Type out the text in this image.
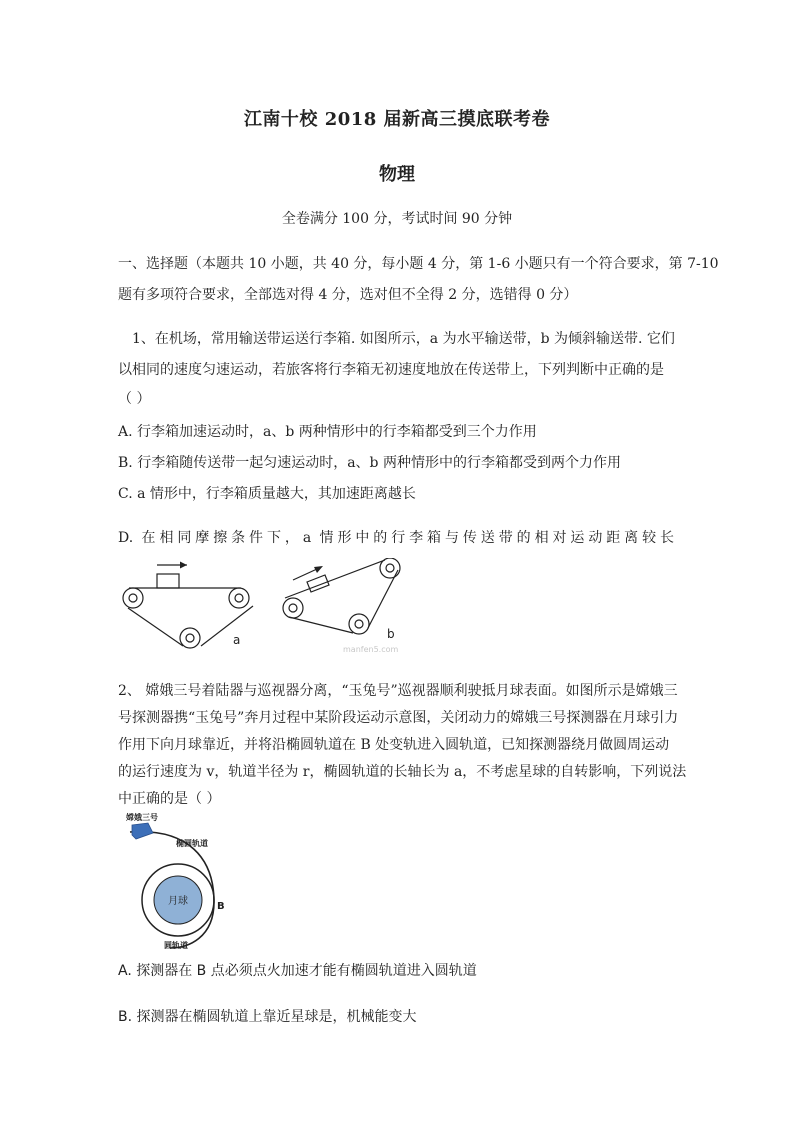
江南十校 2018 届新高三摸底联考卷
物理
全卷满分 100 分，考试时间 90 分钟
一、选择题（本题共 10 小题，共 40 分，每小题 4 分，第 1-6 小题只有一个符合要求，第 7-10
题有多项符合要求，全部选对得 4 分，选对但不全得 2 分，选错得 0 分）
1、在机场，常用输送带运送行李箱. 如图所示，a 为水平输送带，b 为倾斜输送带. 它们
以相同的速度匀速运动，若旅客将行李箱无初速度地放在传送带上，下列判断中正确的是
（ ）
A. 行李箱加速运动时，a、b 两种情形中的行李箱都受到三个力作用
B. 行李箱随传送带一起匀速运动时，a、b 两种情形中的行李箱都受到两个力作用
C. a 情形中，行李箱质量越大，其加速距离越长
D. 在相同摩擦条件下，a 情形中的行李箱与传送带的相对运动距离较长
a	b
manfen5.com
2、 嫦娥三号着陆器与巡视器分离，“玉兔号”巡视器顺利驶抵月球表面。如图所示是嫦娥三
号探测器携“玉兔号”奔月过程中某阶段运动示意图，关闭动力的嫦娥三号探测器在月球引力
作用下向月球靠近，并将沿椭圆轨道在 B 处变轨进入圆轨道，已知探测器绕月做圆周运动
的运行速度为 v，轨道半径为 r，椭圆轨道的长轴长为 a，不考虑星球的自转影响，下列说法
中正确的是（ ）
嫦娥三号
椭圆轨道
月球	B
圆轨道
A. 探测器在 B 点必须点火加速才能有椭圆轨道进入圆轨道
B. 探测器在椭圆轨道上靠近星球是，机械能变大
